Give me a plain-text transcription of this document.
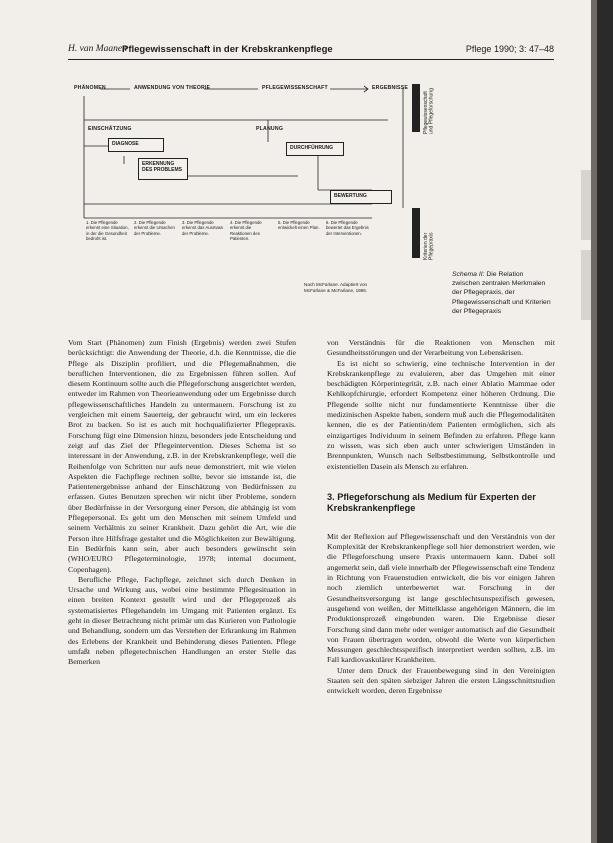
H. van Maanen
Pflegewissenschaft in der Krebskrankenpflege	Pflege 1990; 3: 47–48
PHÄNOMEN	ANWENDUNG VON THEORIE	PFLEGEWISSENSCHAFT	ERGEBNISSE
Pflegewissenschaft und Pflegeforschung
Kriterien der Pflegepraxis
EINSCHÄTZUNG
DIAGNOSE
ERKENNUNG DES PROBLEMS
PLANUNG
DURCHFÜHRUNG
BEWERTUNG
1. Die Pflegende erkennt eine Situation, in der die Gesundheit bedroht ist.
2. Die Pflegende erkennt die Ursachen der Probleme.
3. Die Pflegende erkennt das Ausmass der Probleme.
4. Die Pflegende erkennt die Reaktionen des Patienten.
5. Die Pflegende entwickelt einen Plan.
6. Die Pflegende bewertet das Ergebnis der Interventionen.
Nach McFarlane. Adaptiert von McFarlane & McFarlane, 1986.
Schema II: Die Relation zwischen zentralen Merkmalen der Pflegepraxis, der Pflegewissenschaft und Kriterien der Pflegepraxis

Vom Start (Phänomen) zum Finish (Ergebnis) werden zwei Stufen berücksichtigt: die Anwendung der Theorie, d.h. die Kenntnisse, die die Pflege als Disziplin profiliert, und die Pflegemaßnahmen, die beruflichen Interventionen, die zu Ergebnissen führen sollen. Auf diesem Kontinuum sollte auch die Pflegeforschung ausgerichtet werden, entweder im Rahmen von Theorieanwendung oder um Ergebnisse durch pflegewissenschaftliches Handeln zu untermauern. Forschung ist zu vergleichen mit einem Sauerteig, der gebraucht wird, um ein leckeres Brot zu backen. So ist es auch mit hochqualifizierter Pflegepraxis. Forschung fügt eine Dimension hinzu, besonders jede Entscheidung und zeigt auf das Ziel der Pflegeintervention. Dieses Schema ist so interessant in der Anwendung, z.B. in der Krebskrankenpflege, weil die Reihenfolge von Schritten nur aufs neue demonstriert, mit wie vielen Aspekten die Fachpflege rechnen sollte, bevor sie imstande ist, die Patientenergebnisse anhand der Einschätzung von Bedürfnissen zu erfassen. Gutes Benutzen sprechen wir nicht über Probleme, sondern über Bedürfnisse in der Versorgung einer Person, die abhängig ist vom Pflegepersonal. Es geht um den Menschen mit seinem Umfeld und seinem Verhältnis zu seiner Krankheit. Dazu gehört die Art, wie die Person ihre Hilfsfrage gestaltet und die Möglichkeiten zur Bewältigung. Ein Bedürfnis kann sein, aber auch besonders gewünscht sein (WHO/EURO Pflegeterminologie, 1978; internal document, Copenhagen).

Berufliche Pflege, Fachpflege, zeichnet sich durch Denken in Ursache und Wirkung aus, wobei eine bestimmte Pflegesituation in einen breiten Kontext gestellt wird und der Pflegeprozeß als systematisiertes Pflegehandeln im Umgang mit Patienten ergänzt. Es geht in dieser Betrachtung nicht primär um das Kurieren von Pathologie und Behandlung, sondern um das Verstehen der Erkrankung im Rahmen des Erlebens der Krankheit und Behinderung dieses Patienten. Pflege umfaßt neben pflegetechnischen Handlungen an erster Stelle das Bemerken

von Verständnis für die Reaktionen von Menschen mit Gesundheitsstörungen und der Verarbeitung von Lebenskrisen.

Es ist nicht so schwierig, eine technische Intervention in der Krebskrankenpflege zu evaluieren, aber das Umgehen mit einer beschädigten Körperintegrität, z.B. nach einer Ablatio Mammae oder Kehlkopfchirurgie, erfordert Kompetenz einer höheren Ordnung. Die Pflegende sollte nicht nur fundamentierte Kenntnisse über die medizinischen Aspekte haben, sondern muß auch die Pflegemodalitäten kennen, die es der Patientin/dem Patienten ermöglichen, sich als einzigartiges Individuum in seinem Befinden zu erfahren. Pflege kann zu wissen, was sich eben auch unter schwierigen Umständen in Brennpunkten, Wunsch nach Selbstbestimmung, Selbstkontrolle und existentiellen Dasein als Mensch zu erfahren.

3. Pflegeforschung als Medium für Experten der Krebskrankenpflege

Mit der Reflexion auf Pflegewissenschaft und den Verständnis von der Komplexität der Krebskrankenpflege soll hier demonstriert werden, wie die Pflegeforschung unsere Praxis untermauern kann. Dabei soll angemerkt sein, daß viele innerhalb der Pflegewissenschaft eine Tendenz in Richtung von Frauenstudien entwickelt, die bis vor einigen Jahren noch ziemlich unterbewertet war. Forschung in der Gesundheitsversorgung ist lange geschlechtsunspezifisch gewesen, ausgehend von weißen, der Mittelklasse angehörigen Männern, die im Produktionsprozeß eingebunden waren. Die Ergebnisse dieser Forschung sind dann mehr oder weniger automatisch auf die Gesundheit von Frauen übertragen worden, obwohl die Werte von körperlichen Messungen geschlechtsspezifisch interpretiert werden sollten, z.B. im Fall kardiovaskulärer Krankheiten.

Unter dem Druck der Frauenbewegung sind in den Vereinigten Staaten seit den späten siebziger Jahren die ersten Längsschnittstudien entwickelt worden, deren Ergebnisse
